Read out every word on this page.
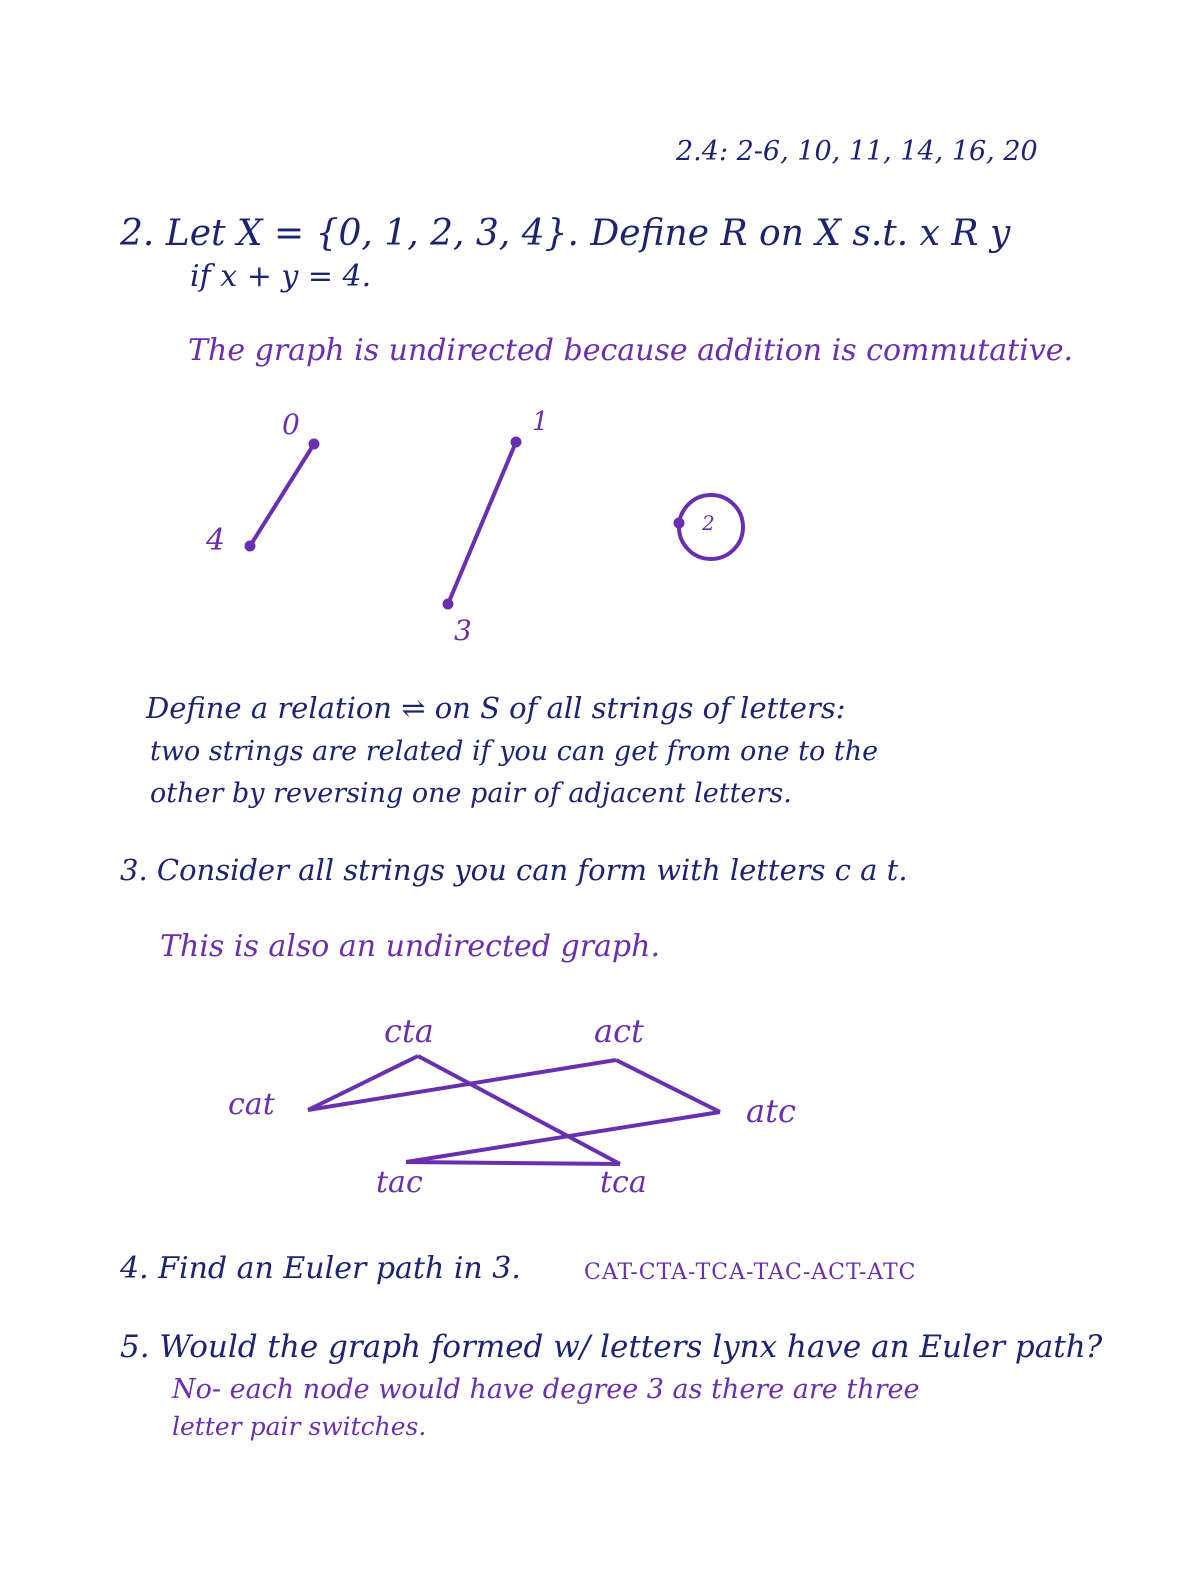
2.4: 2-6, 10, 11, 14, 16, 20
2. Let X = {0, 1, 2, 3, 4}. Define R on X s.t. x R y
if x + y = 4.
The graph is undirected because addition is commutative.
0	1
2
3
4
cta	act
cat	atc
tac	tca
Define a relation ⇌ on S of all strings of letters:
two strings are related if you can get from one to the
other by reversing one pair of adjacent letters.
3. Consider all strings you can form with letters c a t.
This is also an undirected graph.
4. Find an Euler path in 3.	CAT-CTA-TCA-TAC-ACT-ATC
5. Would the graph formed w/ letters lynx have an Euler path?
No- each node would have degree 3 as there are three
letter pair switches.
